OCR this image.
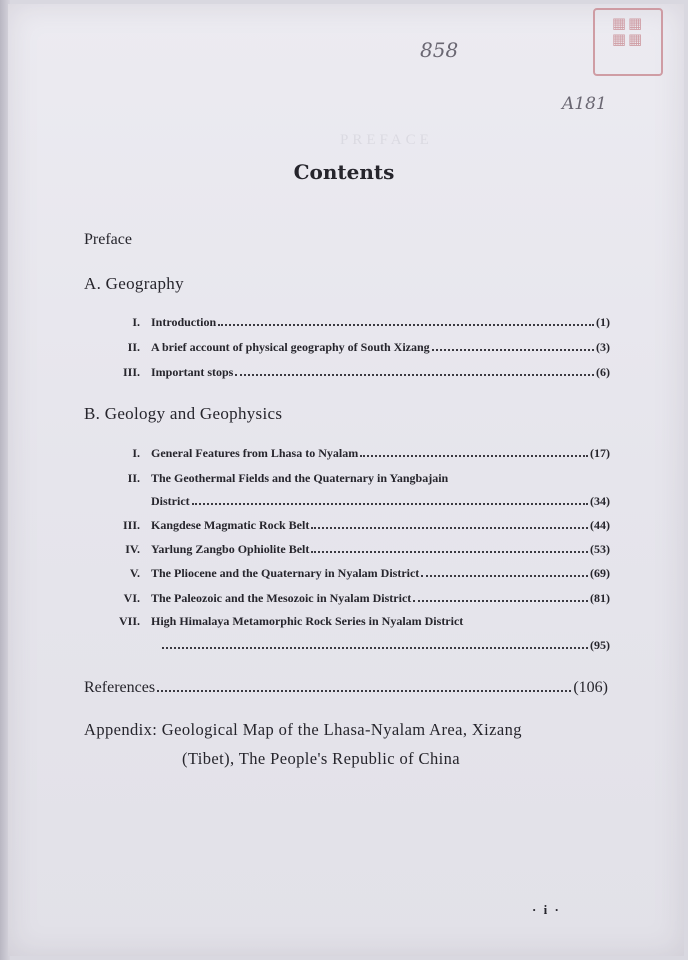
PREFACE
858
A181
▦▦
▦▦
Contents
Preface
A. Geography
I. Introduction	(1)
II. A brief account of physical geography of South Xizang	(3)
III. Important stops	(6)
B. Geology and Geophysics
I. General Features from Lhasa to Nyalam	(17)
II. The Geothermal Fields and the Quaternary in Yangbajain
District	(34)
III. Kangdese Magmatic Rock Belt	(44)
IV. Yarlung Zangbo Ophiolite Belt	(53)
V. The Pliocene and the Quaternary in Nyalam District	(69)
VI. The Paleozoic and the Mesozoic in Nyalam District	(81)
VII. High Himalaya Metamorphic Rock Series in Nyalam District
(95)
References	(106)
Appendix: Geological Map of the Lhasa-Nyalam Area, Xizang
(Tibet), The People's Republic of China
· i ·
